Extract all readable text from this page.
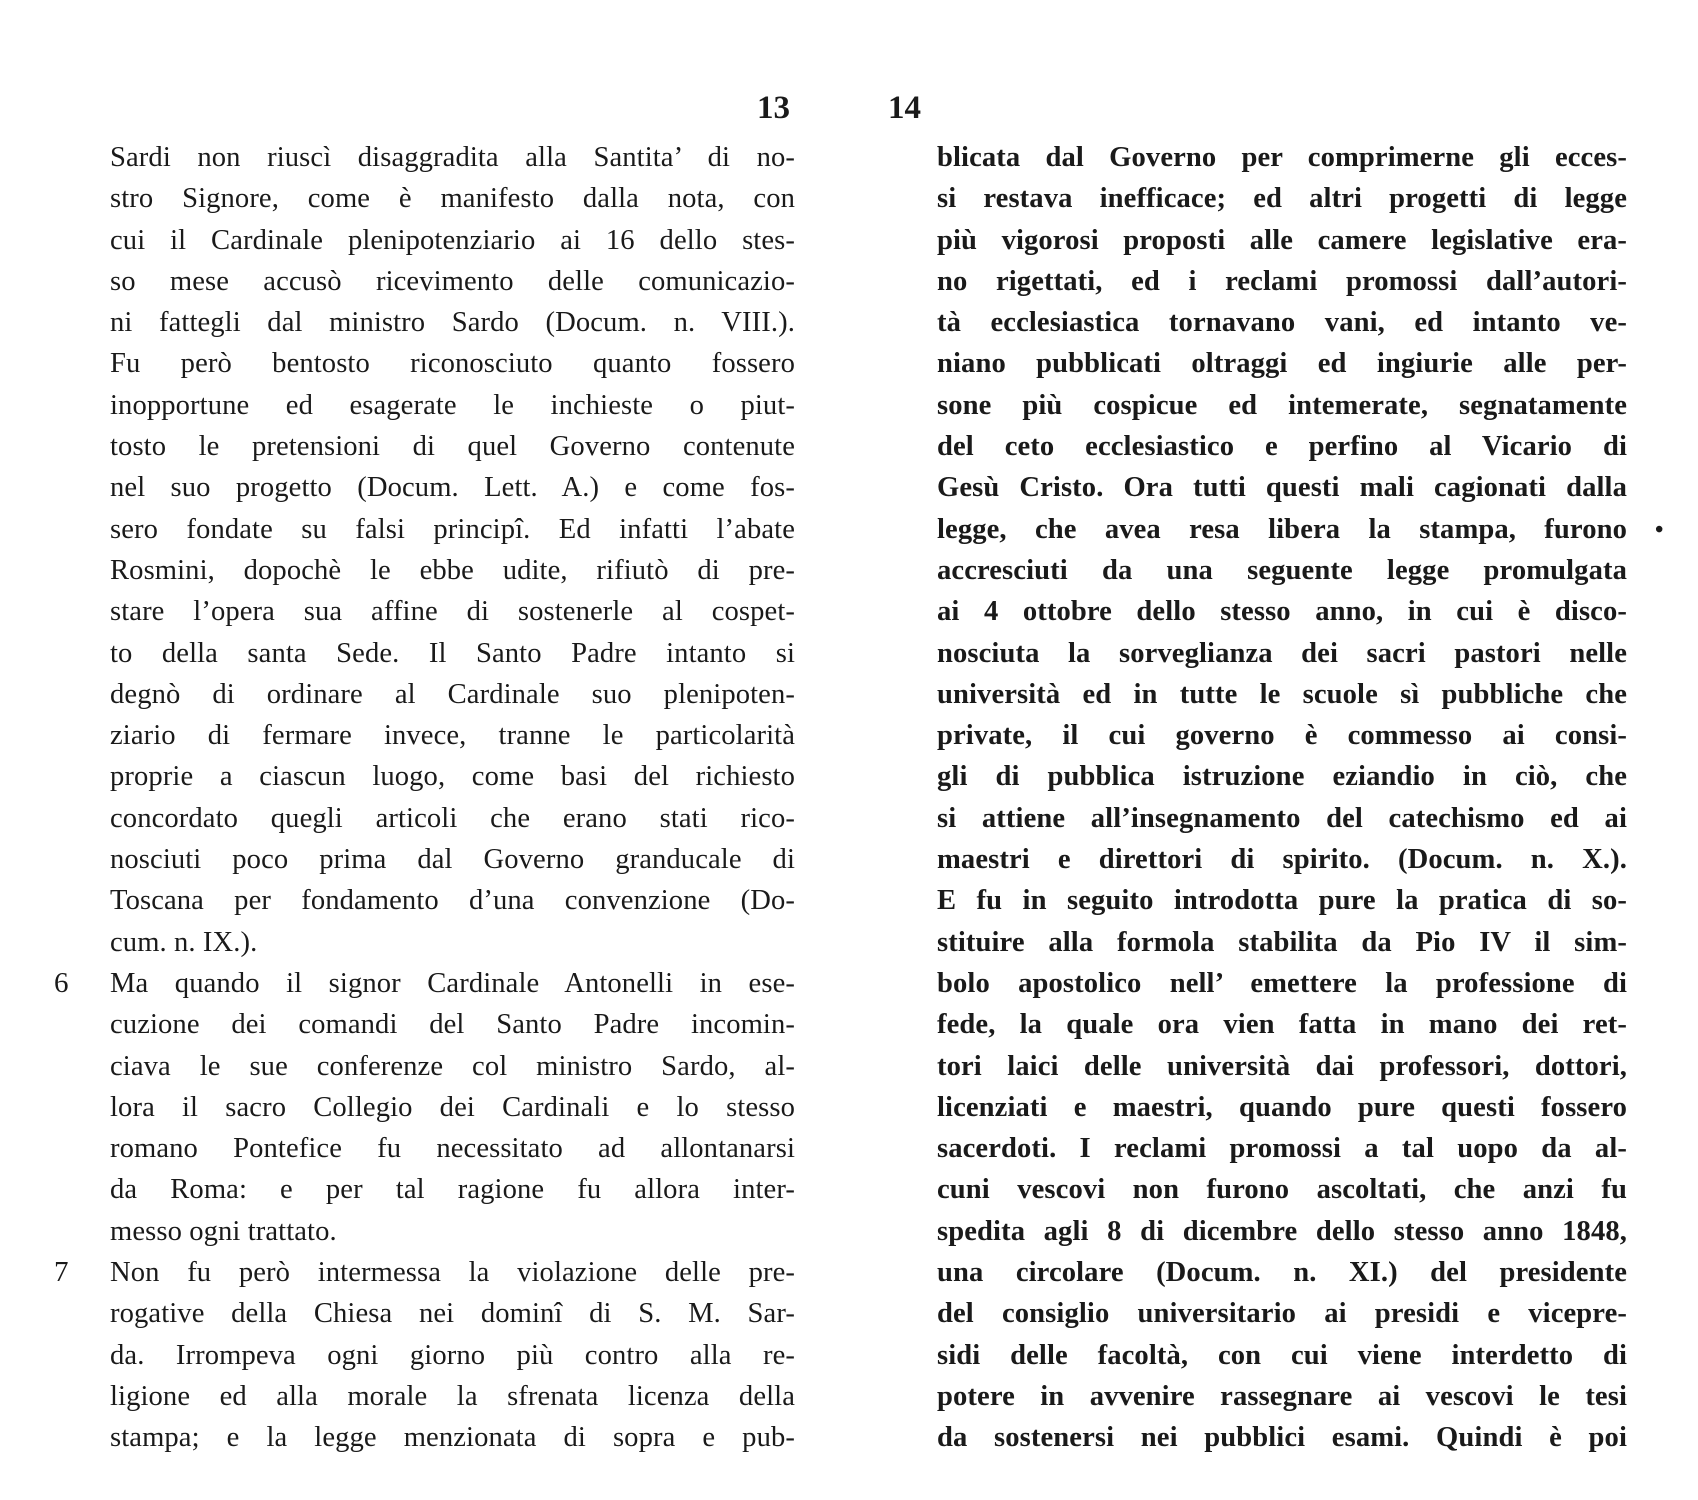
13
Sardi non riuscì disaggradita alla Santita’ di no-
stro Signore, come è manifesto dalla nota, con
cui il Cardinale plenipotenziario ai 16 dello stes-
so mese accusò ricevimento delle comunicazio-
ni fattegli dal ministro Sardo (Docum. n. VIII.).
Fu però bentosto riconosciuto quanto fossero
inopportune ed esagerate le inchieste o piut-
tosto le pretensioni di quel Governo contenute
nel suo progetto (Docum. Lett. A.) e come fos-
sero fondate su falsi principî. Ed infatti l’abate
Rosmini, dopochè le ebbe udite, rifiutò di pre-
stare l’opera sua affine di sostenerle al cospet-
to della santa Sede. Il Santo Padre intanto si
degnò di ordinare al Cardinale suo plenipoten-
ziario di fermare invece, tranne le particolarità
proprie a ciascun luogo, come basi del richiesto
concordato quegli articoli che erano stati rico-
nosciuti poco prima dal Governo granducale di
Toscana per fondamento d’una convenzione (Do-
cum. n. IX.).
6	Ma quando il signor Cardinale Antonelli in ese-
cuzione dei comandi del Santo Padre incomin-
ciava le sue conferenze col ministro Sardo, al-
lora il sacro Collegio dei Cardinali e lo stesso
romano Pontefice fu necessitato ad allontanarsi
da Roma: e per tal ragione fu allora inter-
messo ogni trattato.
7	Non fu però intermessa la violazione delle pre-
rogative della Chiesa nei dominî di S. M. Sar-
da. Irrompeva ogni giorno più contro alla re-
ligione ed alla morale la sfrenata licenza della
stampa; e la legge menzionata di sopra e pub-
14
blicata dal Governo per comprimerne gli ecces-
si restava inefficace; ed altri progetti di legge
più vigorosi proposti alle camere legislative era-
no rigettati, ed i reclami promossi dall’autori-
tà ecclesiastica tornavano vani, ed intanto ve-
niano pubblicati oltraggi ed ingiurie alle per-
sone più cospicue ed intemerate, segnatamente
del ceto ecclesiastico e perfino al Vicario di
Gesù Cristo. Ora tutti questi mali cagionati dalla
legge, che avea resa libera la stampa, furono
accresciuti da una seguente legge promulgata
ai 4 ottobre dello stesso anno, in cui è disco-
nosciuta la sorveglianza dei sacri pastori nelle
università ed in tutte le scuole sì pubbliche che
private, il cui governo è commesso ai consi-
gli di pubblica istruzione eziandio in ciò, che
si attiene all’insegnamento del catechismo ed ai
maestri e direttori di spirito. (Docum. n. X.).
E fu in seguito introdotta pure la pratica di so-
stituire alla formola stabilita da Pio IV il sim-
bolo apostolico nell’ emettere la professione di
fede, la quale ora vien fatta in mano dei ret-
tori laici delle università dai professori, dottori,
licenziati e maestri, quando pure questi fossero
sacerdoti. I reclami promossi a tal uopo da al-
cuni vescovi non furono ascoltati, che anzi fu
spedita agli 8 di dicembre dello stesso anno 1848,
una circolare (Docum. n. XI.) del presidente
del consiglio universitario ai presidi e vicepre-
sidi delle facoltà, con cui viene interdetto di
potere in avvenire rassegnare ai vescovi le tesi
da sostenersi nei pubblici esami. Quindi è poi
•
